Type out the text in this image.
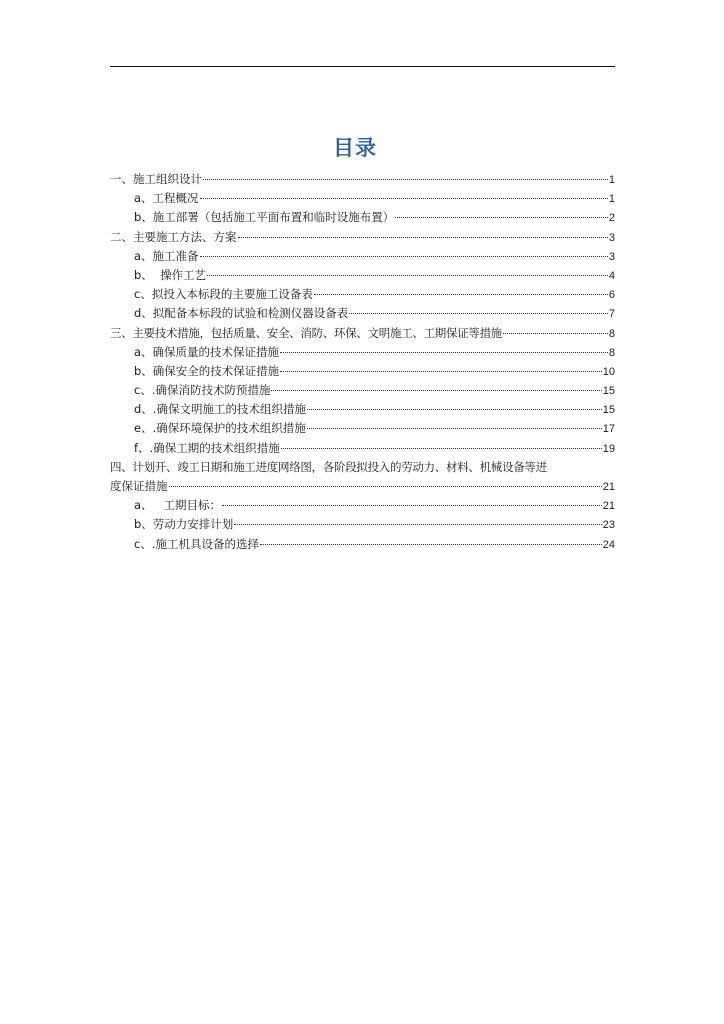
目录
一、施工组织设计	1
a、工程概况	1
b、施工部署（包括施工平面布置和临时设施布置）	2
二、主要施工方法、方案	3
a、施工准备	3
b、  操作工艺	4
c、拟投入本标段的主要施工设备表	6
d、拟配备本标段的试验和检测仪器设备表	7
三、主要技术措施，包括质量、安全、消防、环保、文明施工、工期保证等措施	8
a、确保质量的技术保证措施	8
b、确保安全的技术保证措施	10
c、.确保消防技术防预措施	15
d、.确保文明施工的技术组织措施	15
e、.确保环境保护的技术组织措施	17
f、.确保工期的技术组织措施	19
四、计划开、竣工日期和施工进度网络图，各阶段拟投入的劳动力、材料、机械设备等进
度保证措施	21
a、   工期目标：	21
b、劳动力安排计划	23
c、.施工机具设备的选择	24
